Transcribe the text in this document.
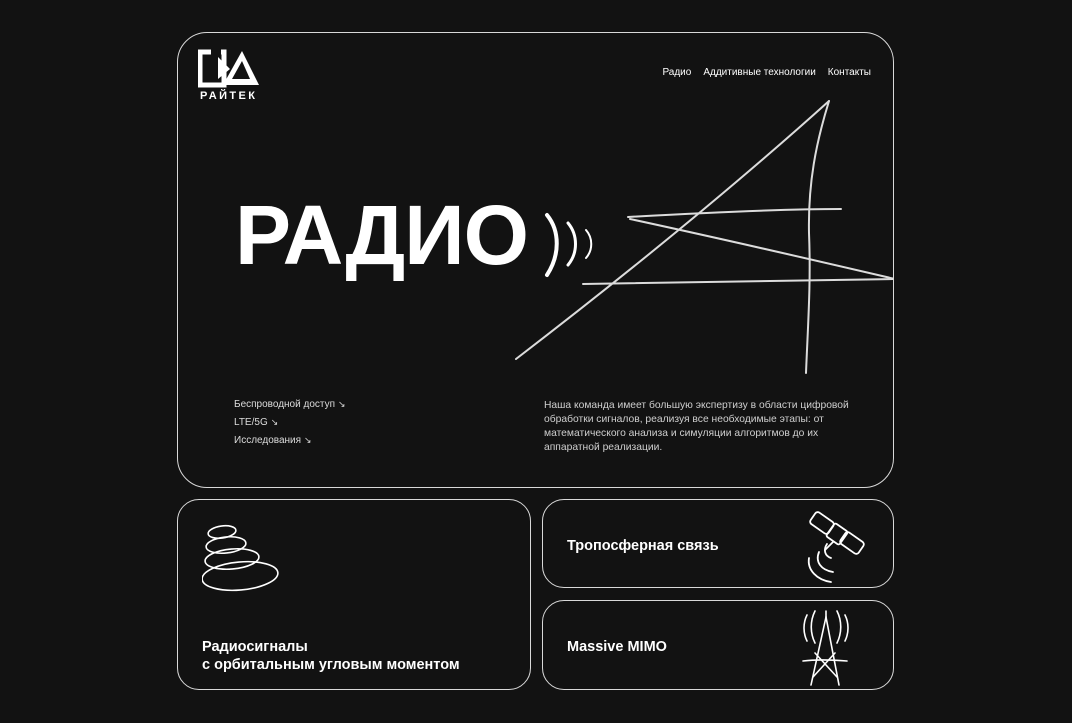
РАЙТЕК
Радио Аддитивные технологии Контакты
РАДИО
Беспроводной доступ ↘
LTE/5G ↘
Исследования ↘

Наша команда имеет большую экспертизу в области цифровой обработки сигналов, реализуя все необходимые этапы: от математического анализа и симуляции алгоритмов до их аппаратной реализации.

Радиосигналы
с орбитальным угловым моментом
Тропосферная связь
Massive MIMO
